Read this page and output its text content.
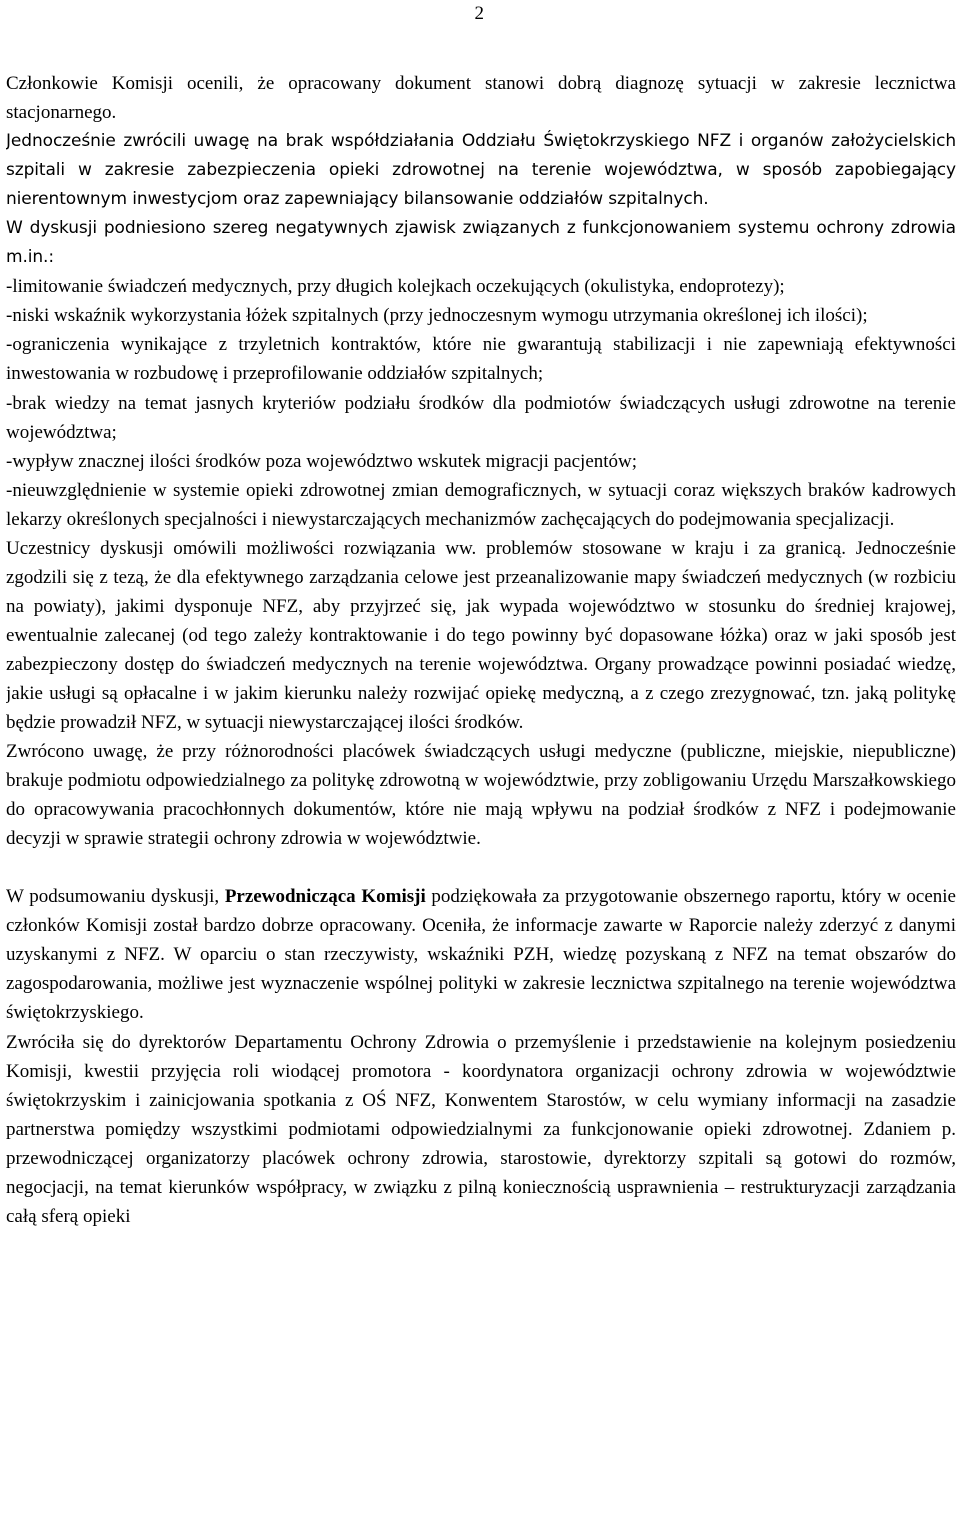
2

Członkowie Komisji ocenili, że opracowany dokument stanowi dobrą diagnozę sytuacji w zakresie lecznictwa stacjonarnego.

Jednocześnie zwrócili uwagę na brak współdziałania Oddziału Świętokrzyskiego NFZ i organów założycielskich szpitali w zakresie zabezpieczenia opieki zdrowotnej na terenie województwa, w sposób zapobiegający nierentownym inwestycjom oraz zapewniający bilansowanie oddziałów szpitalnych.

W dyskusji podniesiono szereg negatywnych zjawisk związanych z funkcjonowaniem systemu ochrony zdrowia m.in.:

-limitowanie świadczeń medycznych, przy długich kolejkach oczekujących (okulistyka, endoprotezy);

-niski wskaźnik wykorzystania łóżek szpitalnych (przy jednoczesnym wymogu utrzymania określonej ich ilości);

-ograniczenia wynikające z trzyletnich kontraktów, które nie gwarantują stabilizacji i nie zapewniają efektywności inwestowania w rozbudowę i przeprofilowanie oddziałów szpitalnych;

-brak wiedzy na temat jasnych kryteriów podziału środków dla podmiotów świadczących usługi zdrowotne na terenie województwa;

-wypływ znacznej ilości środków poza województwo wskutek migracji pacjentów;

-nieuwzględnienie w systemie opieki zdrowotnej zmian demograficznych, w sytuacji coraz większych braków kadrowych lekarzy określonych specjalności i niewystarczających mechanizmów zachęcających do podejmowania specjalizacji.

Uczestnicy dyskusji omówili możliwości rozwiązania ww. problemów stosowane w kraju i za granicą. Jednocześnie zgodzili się z tezą, że dla efektywnego zarządzania celowe jest przeanalizowanie mapy świadczeń medycznych (w rozbiciu na powiaty), jakimi dysponuje NFZ, aby przyjrzeć się, jak wypada województwo w stosunku do średniej krajowej, ewentualnie zalecanej (od tego zależy kontraktowanie i do tego powinny być dopasowane łóżka) oraz w jaki sposób jest zabezpieczony dostęp do świadczeń medycznych na terenie województwa. Organy prowadzące powinni posiadać wiedzę, jakie usługi są opłacalne i w jakim kierunku należy rozwijać opiekę medyczną, a z czego zrezygnować, tzn. jaką politykę będzie prowadził NFZ, w sytuacji niewystarczającej ilości środków.

Zwrócono uwagę, że przy różnorodności placówek świadczących usługi medyczne (publiczne, miejskie, niepubliczne) brakuje podmiotu odpowiedzialnego za politykę zdrowotną w województwie, przy zobligowaniu Urzędu Marszałkowskiego do opracowywania pracochłonnych dokumentów, które nie mają wpływu na podział środków z NFZ i podejmowanie decyzji w sprawie strategii ochrony zdrowia w województwie.

W podsumowaniu dyskusji, Przewodnicząca Komisji podziękowała za przygotowanie obszernego raportu, który w ocenie członków Komisji został bardzo dobrze opracowany. Oceniła, że informacje zawarte w Raporcie należy zderzyć z danymi uzyskanymi z NFZ. W oparciu o stan rzeczywisty, wskaźniki PZH, wiedzę pozyskaną z NFZ na temat obszarów do zagospodarowania, możliwe jest wyznaczenie wspólnej polityki w zakresie lecznictwa szpitalnego na terenie województwa świętokrzyskiego.

Zwróciła się do dyrektorów Departamentu Ochrony Zdrowia o przemyślenie i przedstawienie na kolejnym posiedzeniu Komisji, kwestii przyjęcia roli wiodącej promotora - koordynatora organizacji ochrony zdrowia w województwie świętokrzyskim i zainicjowania spotkania z OŚ NFZ, Konwentem Starostów, w celu wymiany informacji na zasadzie partnerstwa pomiędzy wszystkimi podmiotami odpowiedzialnymi za funkcjonowanie opieki zdrowotnej. Zdaniem p. przewodniczącej organizatorzy placówek ochrony zdrowia, starostowie, dyrektorzy szpitali są gotowi do rozmów, negocjacji, na temat kierunków współpracy, w związku z pilną koniecznością usprawnienia – restrukturyzacji zarządzania całą sferą opieki
